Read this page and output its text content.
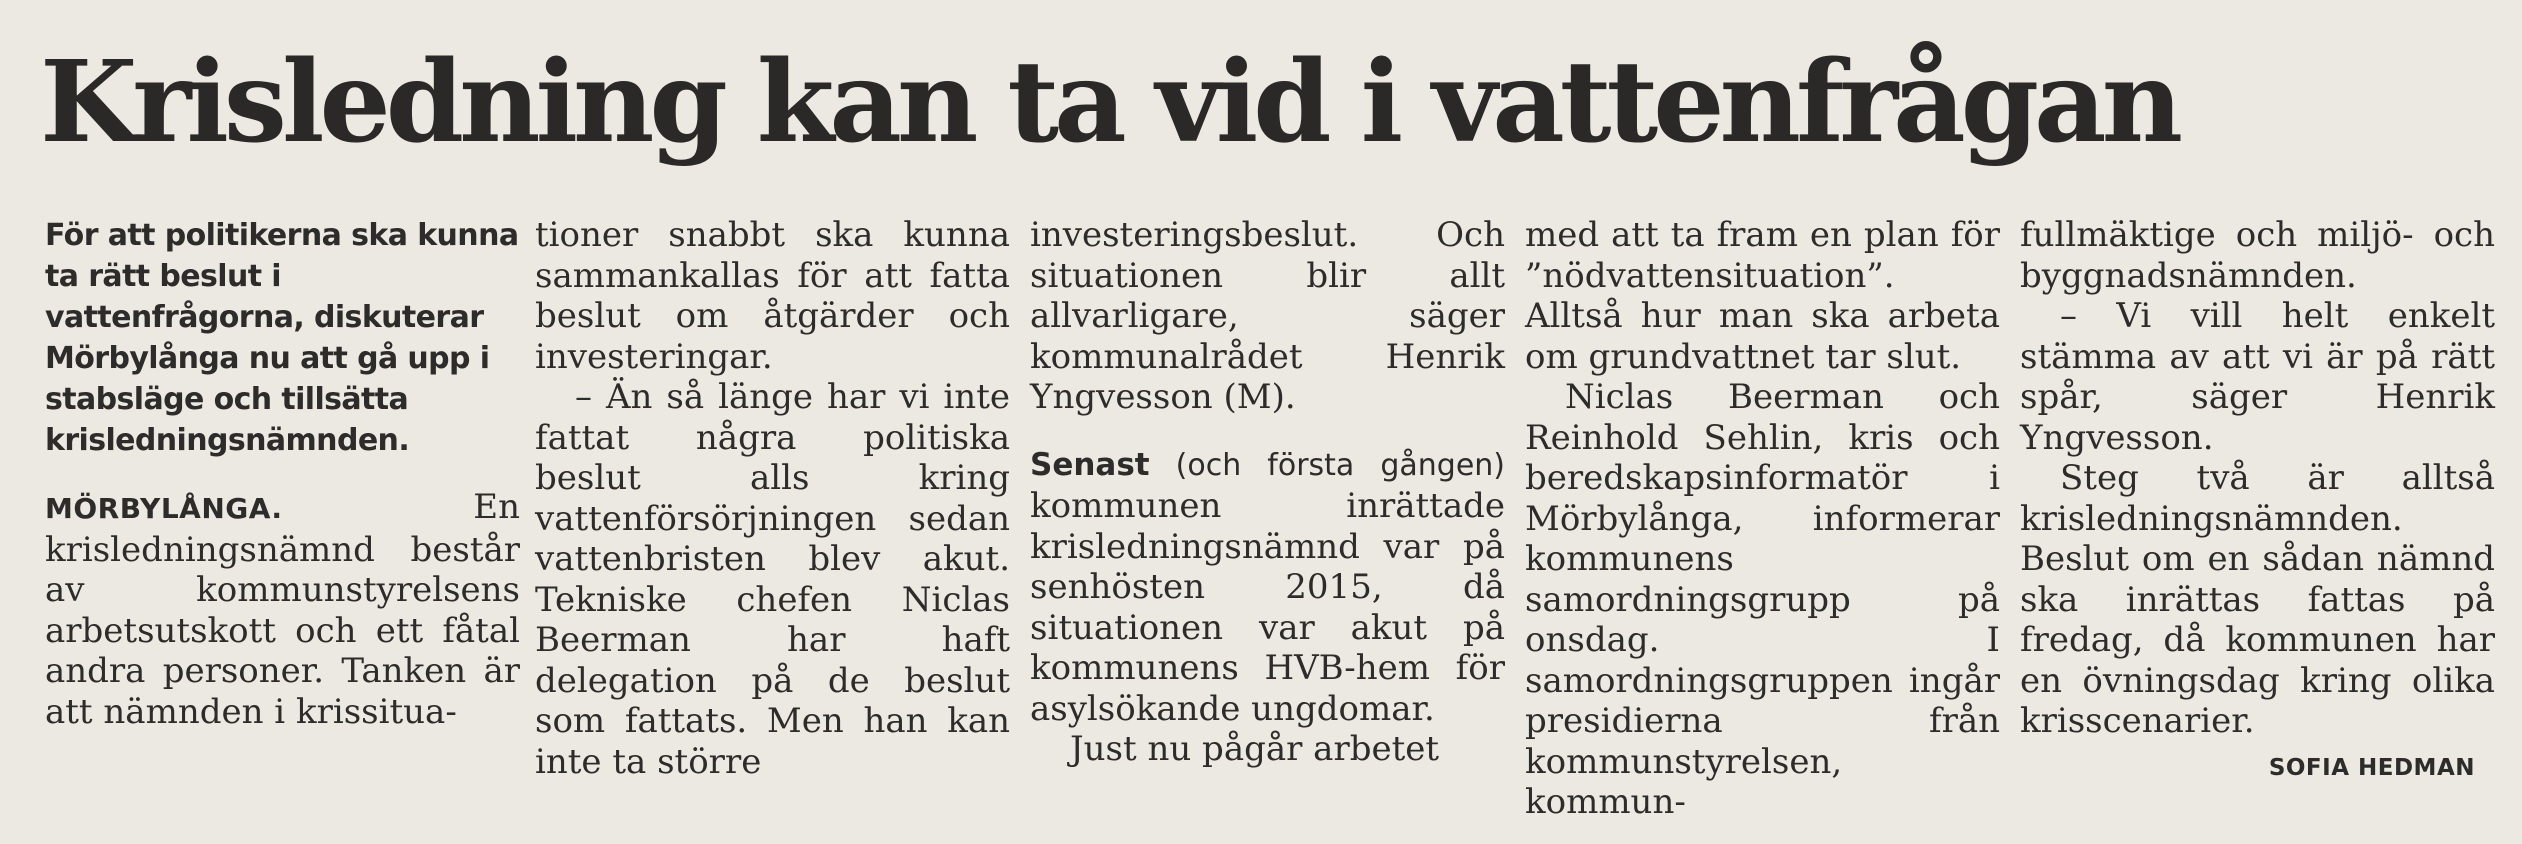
Krisledning kan ta vid i vattenfrågan

För att politikerna ska kunna ta rätt beslut i vattenfrågorna, diskuterar Mörbylånga nu att gå upp i stabsläge och tillsätta krisledningsnämnden.

MÖRBYLÅNGA.	En krisledningsnämnd består av kommunstyrelsens arbetsutskott och ett fåtal andra personer. Tanken är att nämnden i krissitua-

tioner snabbt ska kunna sammankallas för att fatta beslut om åtgärder och investeringar.

– Än så länge har vi inte fattat några politiska beslut alls kring vattenförsörjningen sedan vattenbristen blev akut. Tekniske chefen Niclas Beerman har haft delegation på de beslut som fattats. Men han kan inte ta större

investeringsbeslut. Och situationen blir allt allvarligare, säger kommunalrådet Henrik Yngvesson (M).

Senast (och första gången) kommunen inrättade krisledningsnämnd var på senhösten 2015, då situationen var akut på kommunens HVB-hem för asylsökande ungdomar.

Just nu pågår arbetet

med att ta fram en plan för ”nödvattensituation”. Alltså hur man ska arbeta om grundvattnet tar slut.

Niclas Beerman och Reinhold Sehlin, kris och beredskapsinformatör i Mörbylånga, informerar kommunens samordningsgrupp på onsdag. I samordningsgruppen ingår presidierna från kommunstyrelsen, kommun-

fullmäktige och miljö- och byggnadsnämnden.

– Vi vill helt enkelt stämma av att vi är på rätt spår, säger Henrik Yngvesson.

Steg två är alltså krisledningsnämnden. Beslut om en sådan nämnd ska inrättas fattas på fredag, då kommunen har en övningsdag kring olika krisscenarier.

SOFIA HEDMAN
